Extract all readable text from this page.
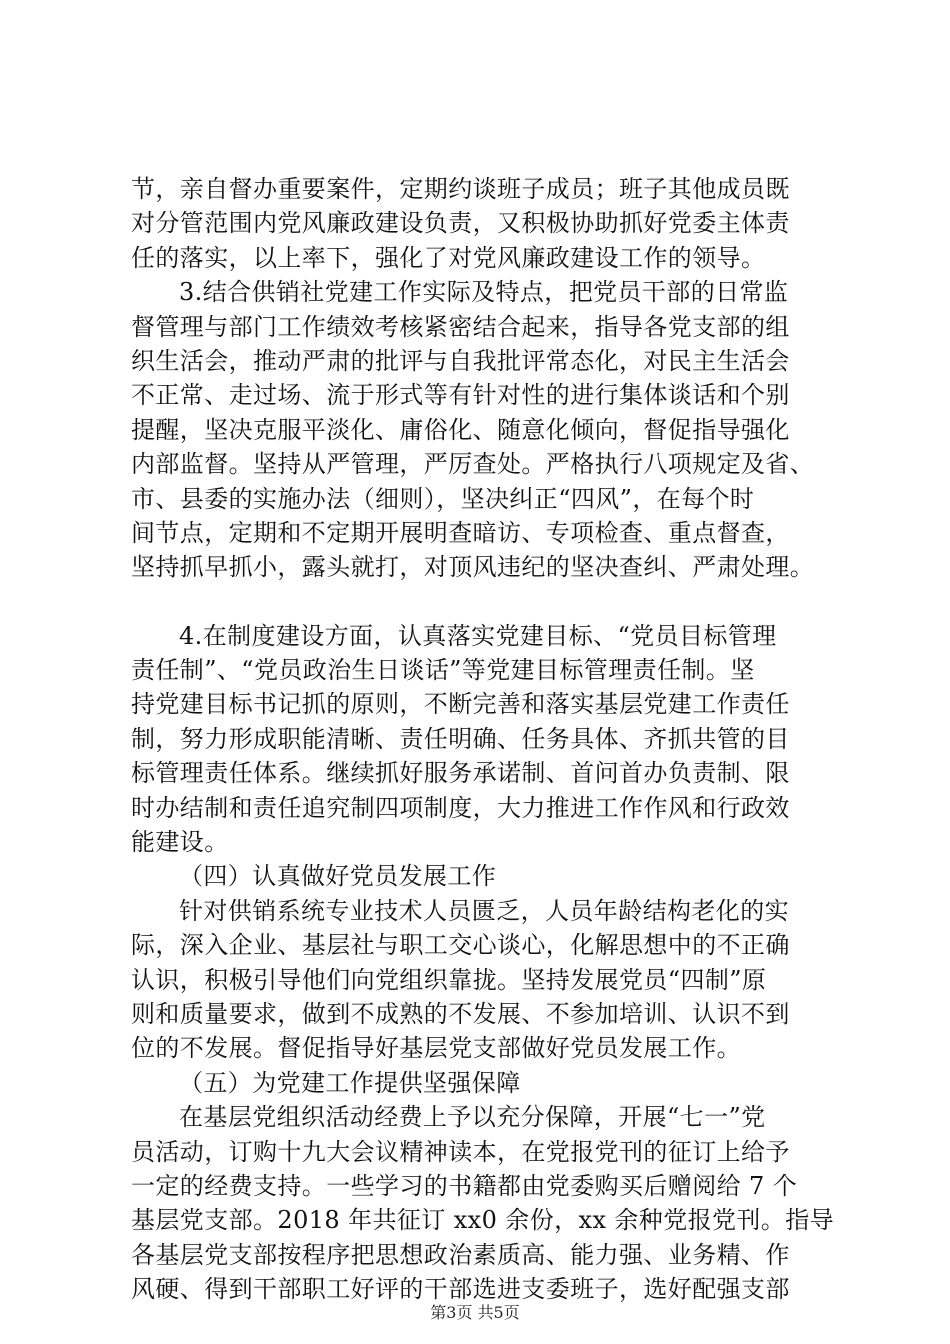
节，亲自督办重要案件，定期约谈班子成员；班子其他成员既
对分管范围内党风廉政建设负责，又积极协助抓好党委主体责
任的落实，以上率下，强化了对党风廉政建设工作的领导。
3.结合供销社党建工作实际及特点，把党员干部的日常监
督管理与部门工作绩效考核紧密结合起来，指导各党支部的组
织生活会，推动严肃的批评与自我批评常态化，对民主生活会
不正常、走过场、流于形式等有针对性的进行集体谈话和个别
提醒，坚决克服平淡化、庸俗化、随意化倾向，督促指导强化
内部监督。坚持从严管理，严厉查处。严格执行八项规定及省、
市、县委的实施办法（细则），坚决纠正“四风”，在每个时
间节点，定期和不定期开展明查暗访、专项检查、重点督查，
坚持抓早抓小，露头就打，对顶风违纪的坚决查纠、严肃处理。
4.在制度建设方面，认真落实党建目标、“党员目标管理
责任制”、“党员政治生日谈话”等党建目标管理责任制。坚
持党建目标书记抓的原则，不断完善和落实基层党建工作责任
制，努力形成职能清晰、责任明确、任务具体、齐抓共管的目
标管理责任体系。继续抓好服务承诺制、首问首办负责制、限
时办结制和责任追究制四项制度，大力推进工作作风和行政效
能建设。
（四）认真做好党员发展工作
针对供销系统专业技术人员匮乏，人员年龄结构老化的实
际，深入企业、基层社与职工交心谈心，化解思想中的不正确
认识，积极引导他们向党组织靠拢。坚持发展党员“四制”原
则和质量要求，做到不成熟的不发展、不参加培训、认识不到
位的不发展。督促指导好基层党支部做好党员发展工作。
（五）为党建工作提供坚强保障
在基层党组织活动经费上予以充分保障，开展“七一”党
员活动，订购十九大会议精神读本，在党报党刊的征订上给予
一定的经费支持。一些学习的书籍都由党委购买后赠阅给 7 个
基层党支部。2018 年共征订 xx0 余份，xx 余种党报党刊。指导
各基层党支部按程序把思想政治素质高、能力强、业务精、作
风硬、得到干部职工好评的干部选进支委班子，选好配强支部
第3页 共5页
